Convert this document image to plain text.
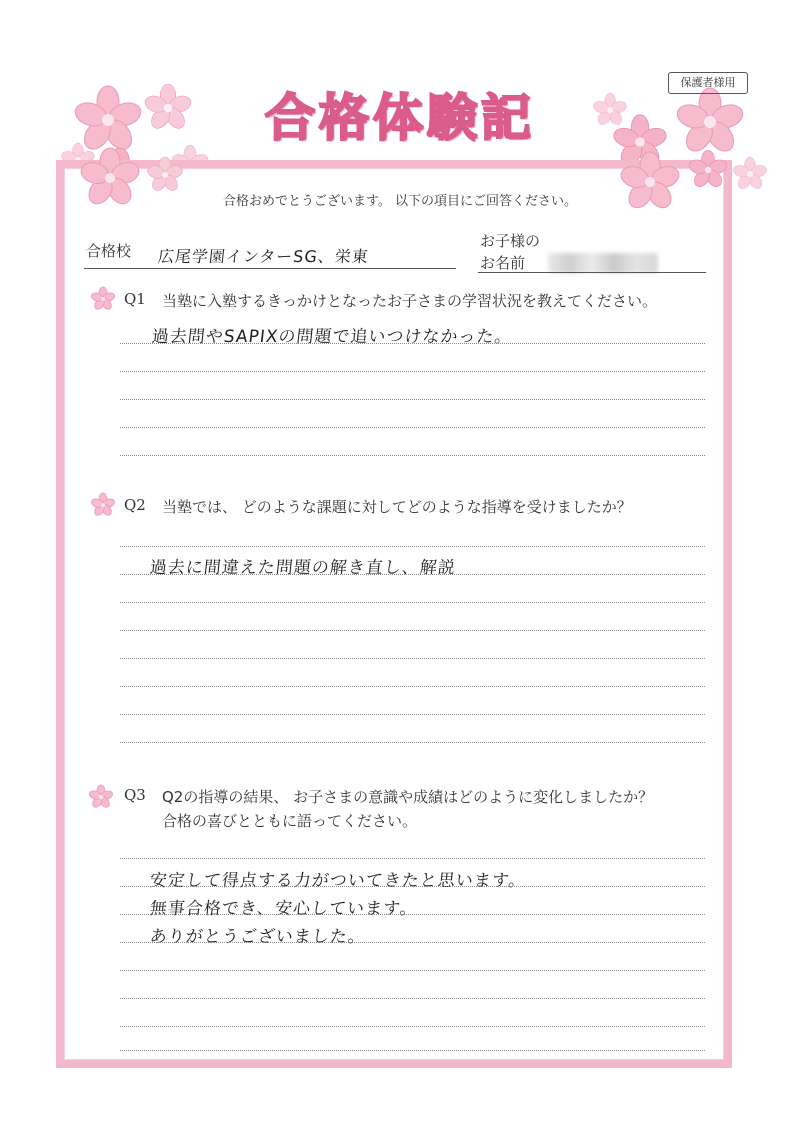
保護者様用
合格体験記
合格おめでとうございます。 以下の項目にご回答ください。
合格校 広尾学園インターSG、栄東
お子様の
お名前
Q1 当塾に入塾するきっかけとなったお子さまの学習状況を教えてください。
過去問やSAPIXの問題で追いつけなかった。
Q2 当塾では、 どのような課題に対してどのような指導を受けましたか？
過去に間違えた問題の解き直し、解説
Q3 Q2の指導の結果、 お子さまの意識や成績はどのように変化しましたか？
合格の喜びとともに語ってください。
安定して得点する力がついてきたと思います。
無事合格でき、安心しています。
ありがとうございました。
